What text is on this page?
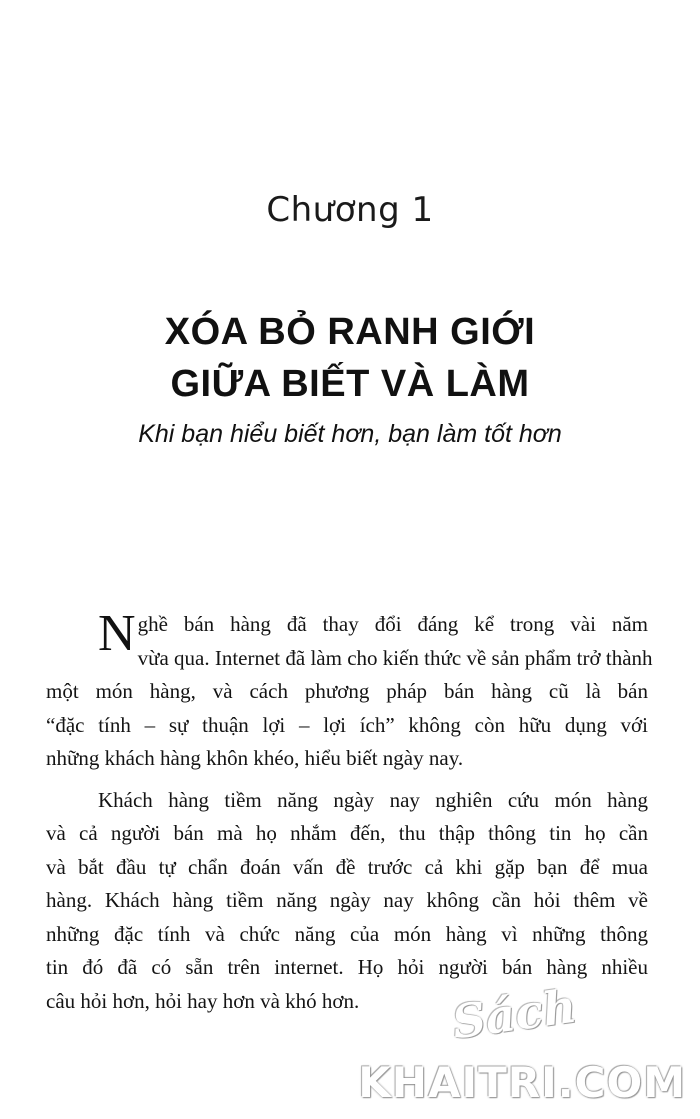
Chương 1
XÓA BỎ RANH GIỚI
GIỮA BIẾT VÀ LÀM
Khi bạn hiểu biết hơn, bạn làm tốt hơn

N ghề bán hàng đã thay đổi đáng kể trong vài năm
vừa qua. Internet đã làm cho kiến thức về sản phẩm trở thành
một món hàng, và cách phương pháp bán hàng cũ là bán
“đặc tính – sự thuận lợi – lợi ích” không còn hữu dụng với
những khách hàng khôn khéo, hiểu biết ngày nay.

Khách hàng tiềm năng ngày nay nghiên cứu món hàng
và cả người bán mà họ nhắm đến, thu thập thông tin họ cần
và bắt đầu tự chẩn đoán vấn đề trước cả khi gặp bạn để mua
hàng. Khách hàng tiềm năng ngày nay không cần hỏi thêm về
những đặc tính và chức năng của món hàng vì những thông
tin đó đã có sẵn trên internet. Họ hỏi người bán hàng nhiều
câu hỏi hơn, hỏi hay hơn và khó hơn.	Sách
KHAITRI.COM
